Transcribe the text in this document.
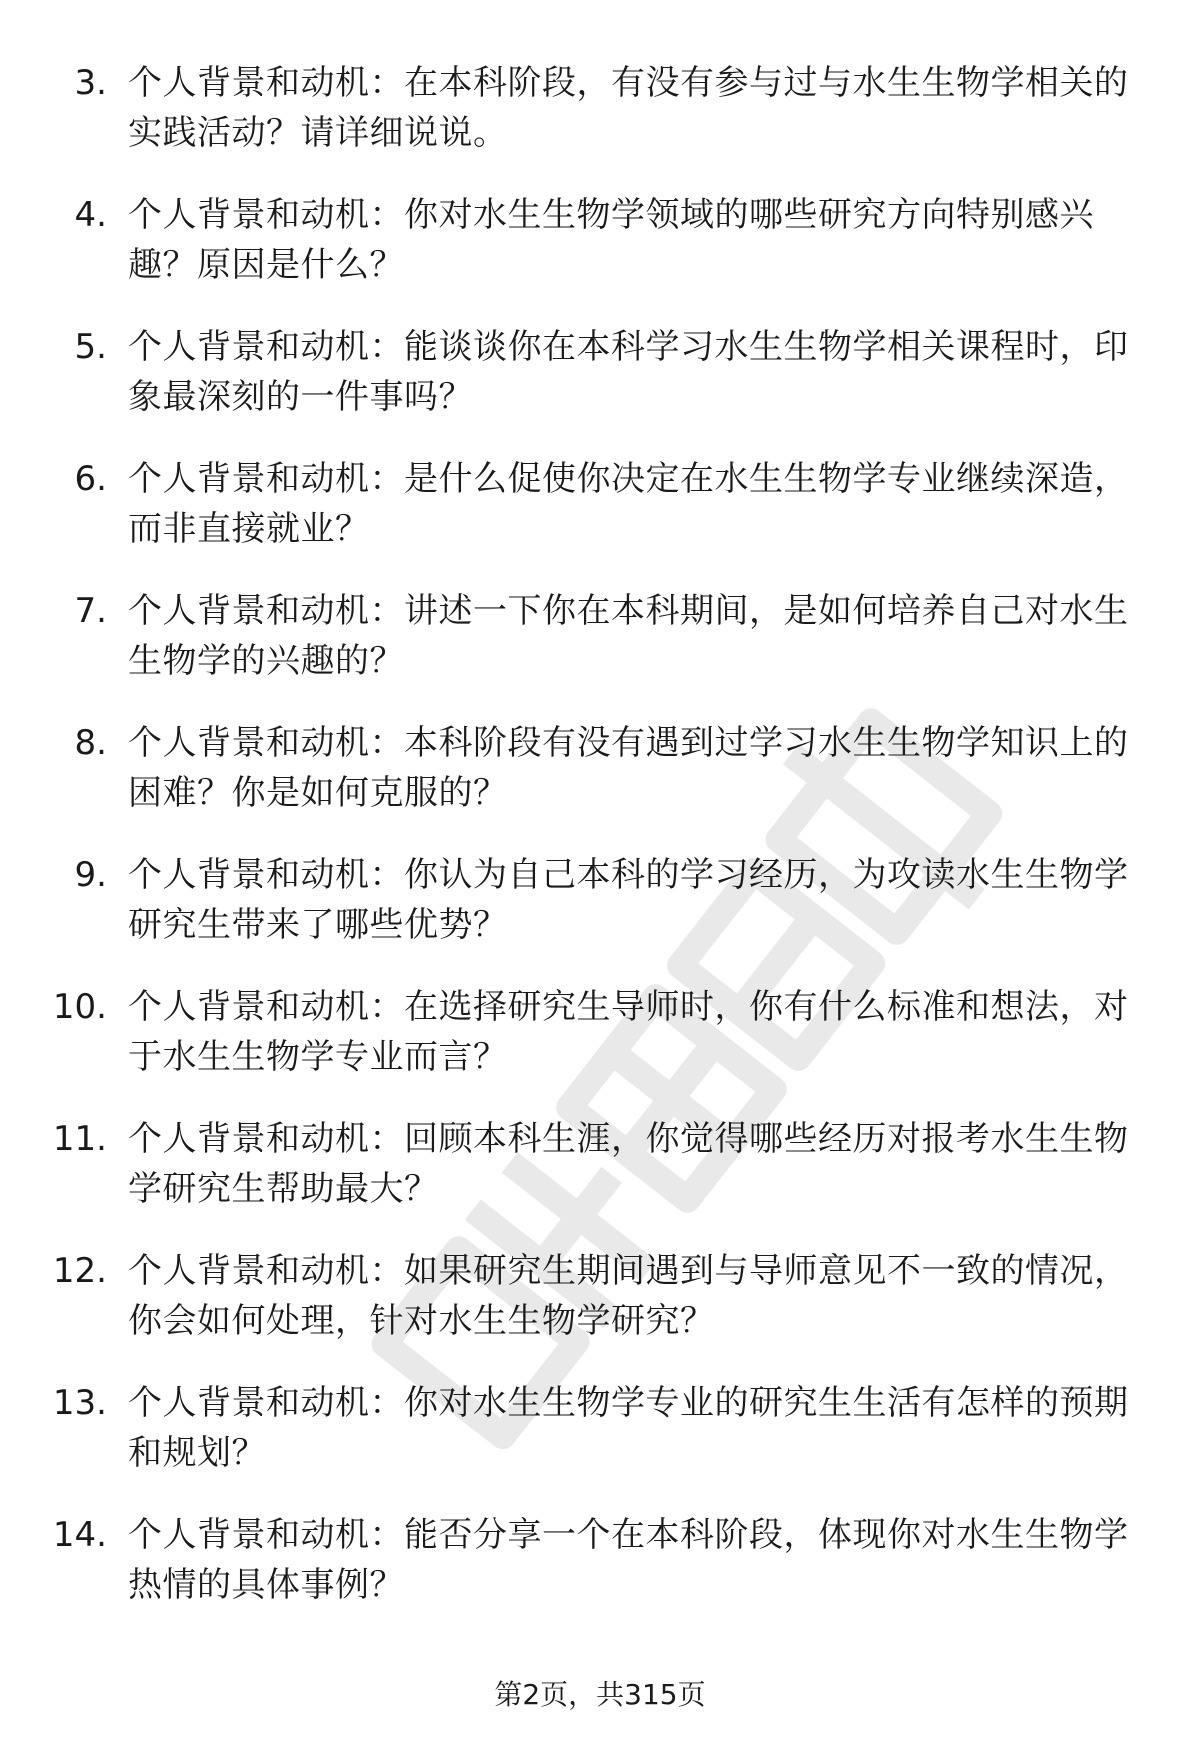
3. 个人背景和动机：在本科阶段，有没有参与过与水生生物学相关的实践活动？请详细说说。
4. 个人背景和动机：你对水生生物学领域的哪些研究方向特别感兴趣？原因是什么？
5. 个人背景和动机：能谈谈你在本科学习水生生物学相关课程时，印象最深刻的一件事吗？
6. 个人背景和动机：是什么促使你决定在水生生物学专业继续深造，而非直接就业？
7. 个人背景和动机：讲述一下你在本科期间，是如何培养自己对水生生物学的兴趣的？
8. 个人背景和动机：本科阶段有没有遇到过学习水生生物学知识上的困难？你是如何克服的？
9. 个人背景和动机：你认为自己本科的学习经历，为攻读水生生物学研究生带来了哪些优势？
10. 个人背景和动机：在选择研究生导师时，你有什么标准和想法，对于水生生物学专业而言？
11. 个人背景和动机：回顾本科生涯，你觉得哪些经历对报考水生生物学研究生帮助最大？
12. 个人背景和动机：如果研究生期间遇到与导师意见不一致的情况，你会如何处理，针对水生生物学研究？
13. 个人背景和动机：你对水生生物学专业的研究生生活有怎样的预期和规划？
14. 个人背景和动机：能否分享一个在本科阶段，体现你对水生生物学热情的具体事例？
第2页，共315页
